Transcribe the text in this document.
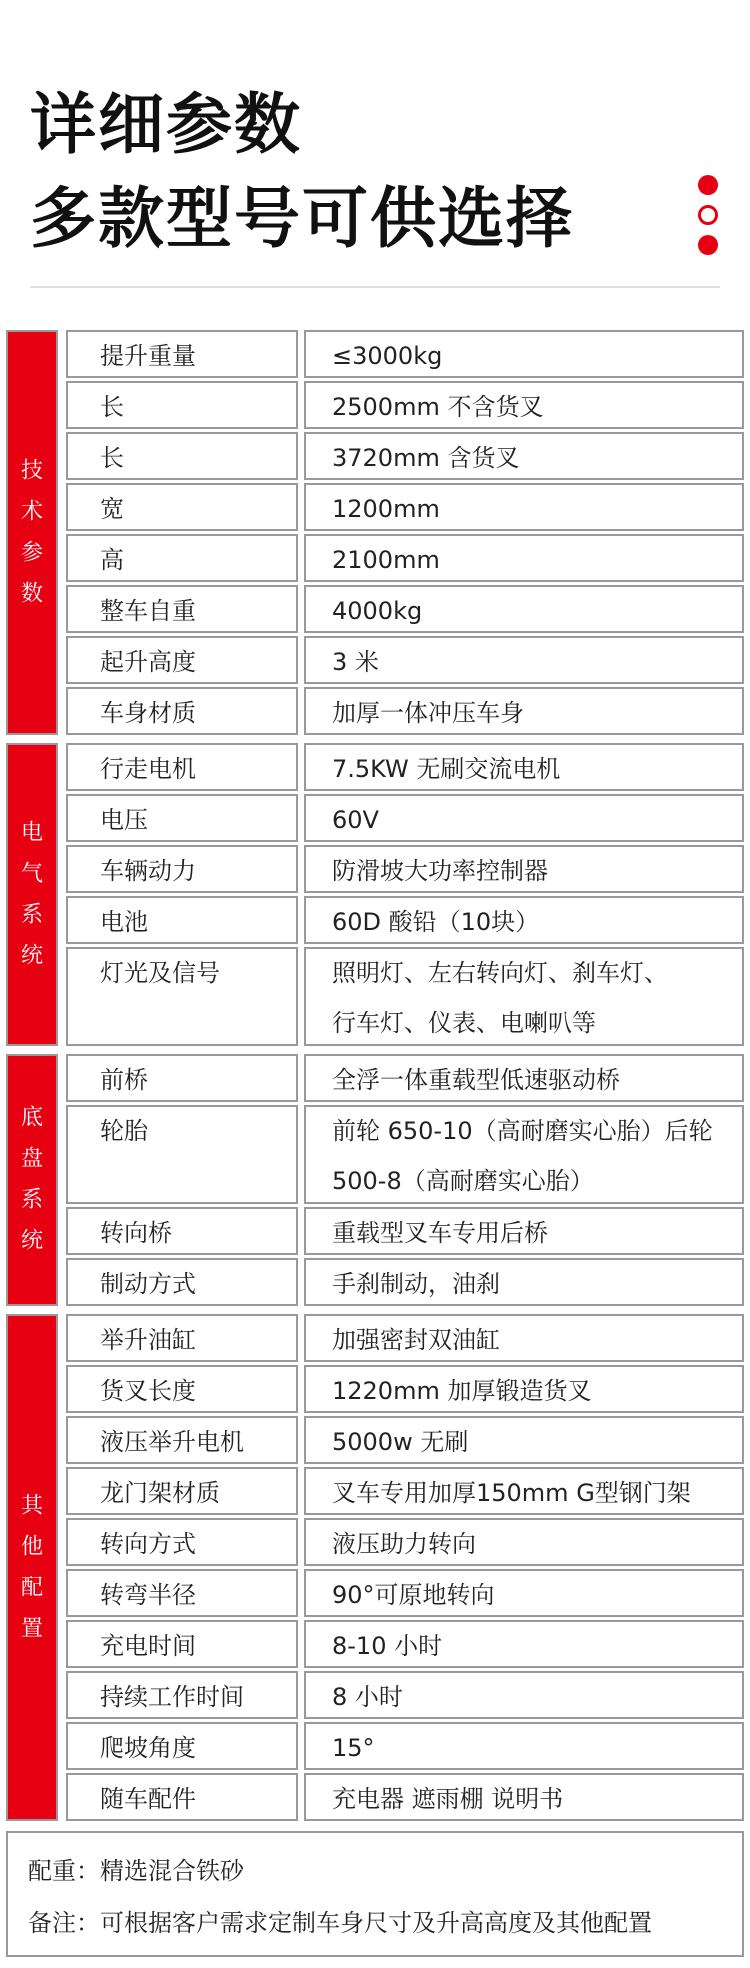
详细参数
多款型号可供选择
提升重量	≤3000kg
长	2500mm 不含货叉
长	3720mm 含货叉
宽	1200mm
高	2100mm
整车自重	4000kg
起升高度	3 米
车身材质	加厚一体冲压车身
技
术
参
数
行走电机	7.5KW 无刷交流电机
电压	60V
车辆动力	防滑坡大功率控制器
电池	60D 酸铅（10块）
灯光及信号	照明灯、左右转向灯、刹车灯、
行车灯、仪表、电喇叭等
电
气
系
统
前桥	全浮一体重载型低速驱动桥
轮胎	前轮 650-10（高耐磨实心胎）后轮
500-8（高耐磨实心胎）
转向桥	重载型叉车专用后桥
制动方式	手刹制动，油刹
底
盘
系
统
举升油缸	加强密封双油缸
货叉长度	1220mm 加厚锻造货叉
液压举升电机	5000w 无刷
龙门架材质	叉车专用加厚150mm G型钢门架
转向方式	液压助力转向
转弯半径	90°可原地转向
充电时间	8-10 小时
持续工作时间	8 小时
爬坡角度	15°
随车配件	充电器 遮雨棚 说明书
其
他
配
置
配重：精选混合铁砂
备注：可根据客户需求定制车身尺寸及升高高度及其他配置
